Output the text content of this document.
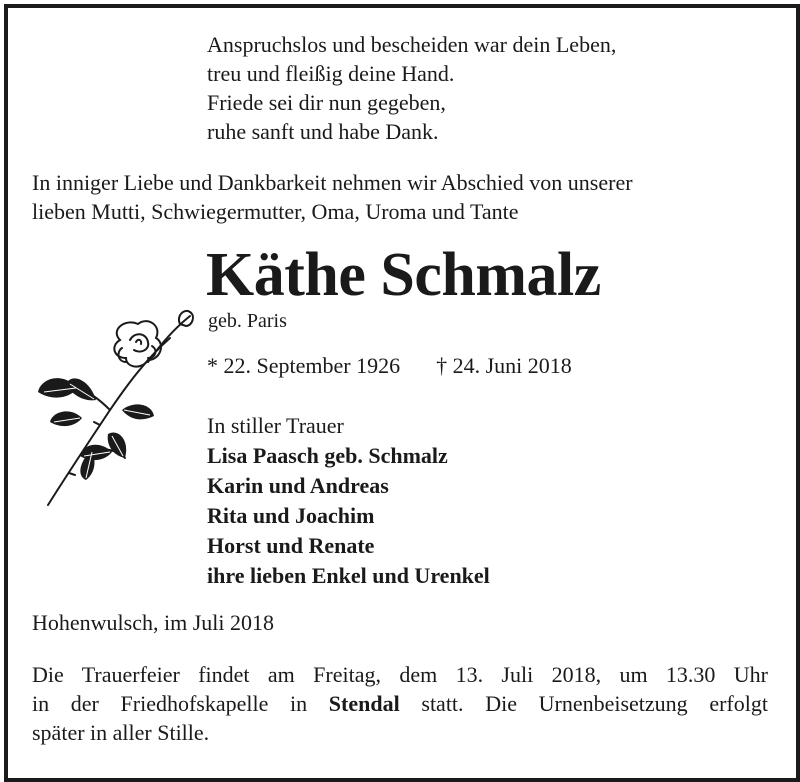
Anspruchslos und bescheiden war dein Leben,
treu und fleißig deine Hand.
Friede sei dir nun gegeben,
ruhe sanft und habe Dank.
In inniger Liebe und Dankbarkeit nehmen wir Abschied von unserer
lieben Mutti, Schwiegermutter, Oma, Uroma und Tante
Käthe Schmalz
geb. Paris
* 22. September 1926 † 24. Juni 2018
In stiller Trauer
Lisa Paasch geb. Schmalz
Karin und Andreas
Rita und Joachim
Horst und Renate
ihre lieben Enkel und Urenkel
Hohenwulsch, im Juli 2018
Die Trauerfeier findet am Freitag, dem 13. Juli 2018, um 13.30 Uhr
in der Friedhofskapelle in Stendal statt. Die Urnenbeisetzung erfolgt
später in aller Stille.
